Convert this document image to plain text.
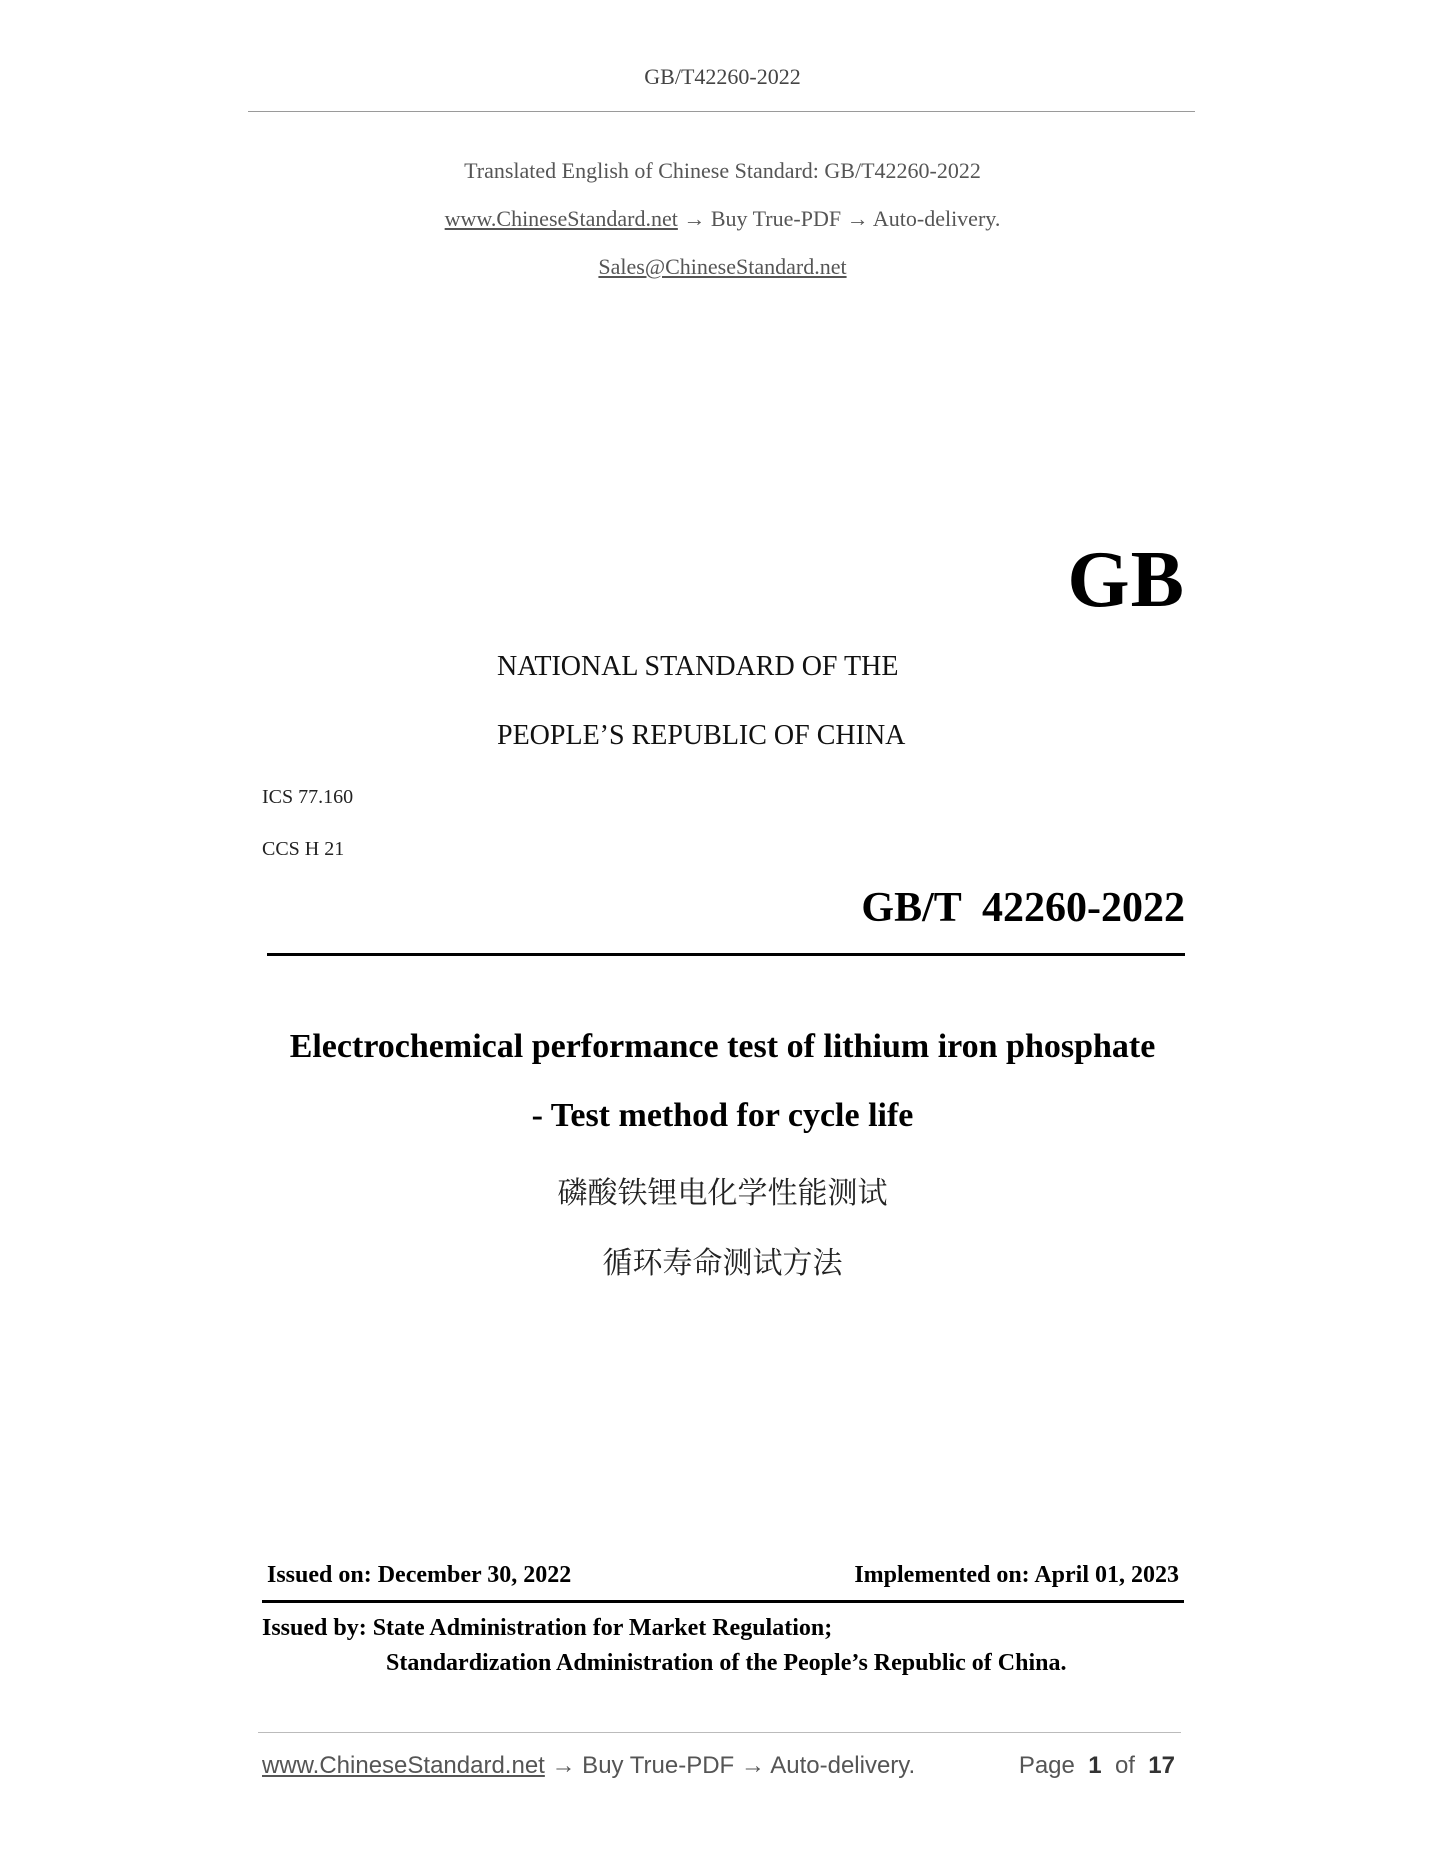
GB/T42260-2022
Translated English of Chinese Standard: GB/T42260-2022
www.ChineseStandard.net → Buy True-PDF → Auto-delivery.
Sales@ChineseStandard.net
GB
NATIONAL STANDARD OF THE
PEOPLE’S REPUBLIC OF CHINA
ICS 77.160
CCS H 21
GB/T  42260-2022
Electrochemical performance test of lithium iron phosphate
- Test method for cycle life
磷酸铁锂电化学性能测试
循环寿命测试方法
Issued on: December 30, 2022	Implemented on: April 01, 2023
Issued by: State Administration for Market Regulation;
Standardization Administration of the People’s Republic of China.
www.ChineseStandard.net → Buy True-PDF → Auto-delivery.	Page 1 of 17
